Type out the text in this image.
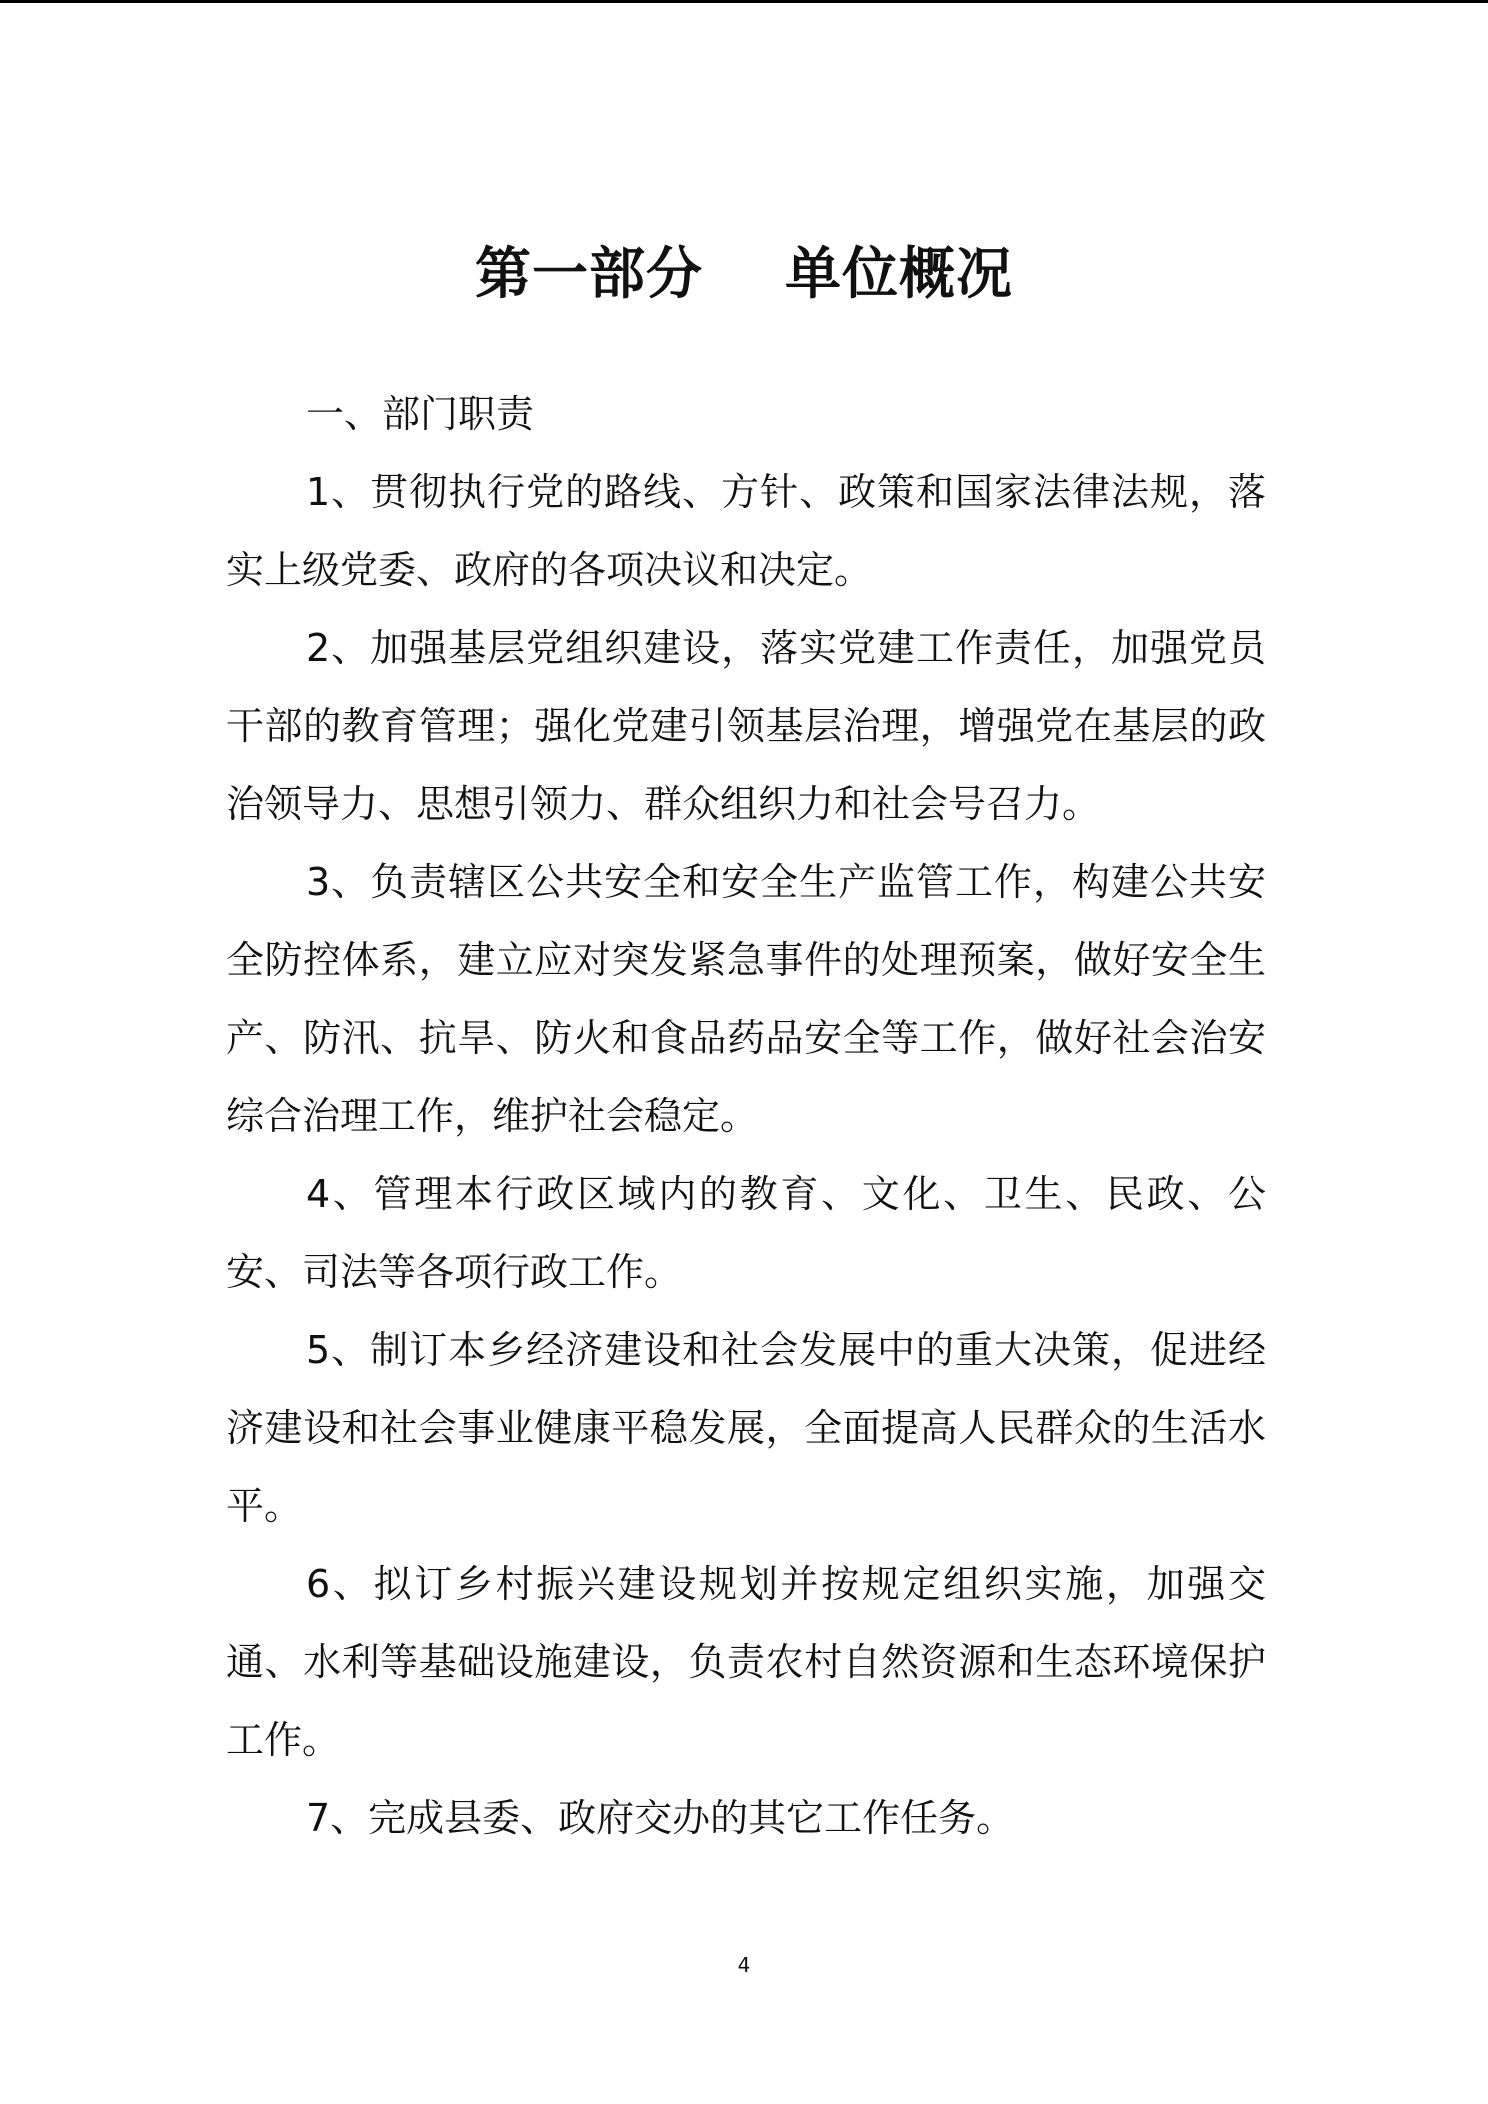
第一部分    单位概况

一、部门职责

1、贯彻执行党的路线、方针、政策和国家法律法规，落实上级党委、政府的各项决议和决定。

2、加强基层党组织建设，落实党建工作责任，加强党员干部的教育管理；强化党建引领基层治理，增强党在基层的政治领导力、思想引领力、群众组织力和社会号召力。

3、负责辖区公共安全和安全生产监管工作，构建公共安全防控体系，建立应对突发紧急事件的处理预案，做好安全生产、防汛、抗旱、防火和食品药品安全等工作，做好社会治安综合治理工作，维护社会稳定。

4、管理本行政区域内的教育、文化、卫生、民政、公安、司法等各项行政工作。

5、制订本乡经济建设和社会发展中的重大决策，促进经济建设和社会事业健康平稳发展，全面提高人民群众的生活水平。

6、拟订乡村振兴建设规划并按规定组织实施，加强交通、水利等基础设施建设，负责农村自然资源和生态环境保护工作。

7、完成县委、政府交办的其它工作任务。

4
